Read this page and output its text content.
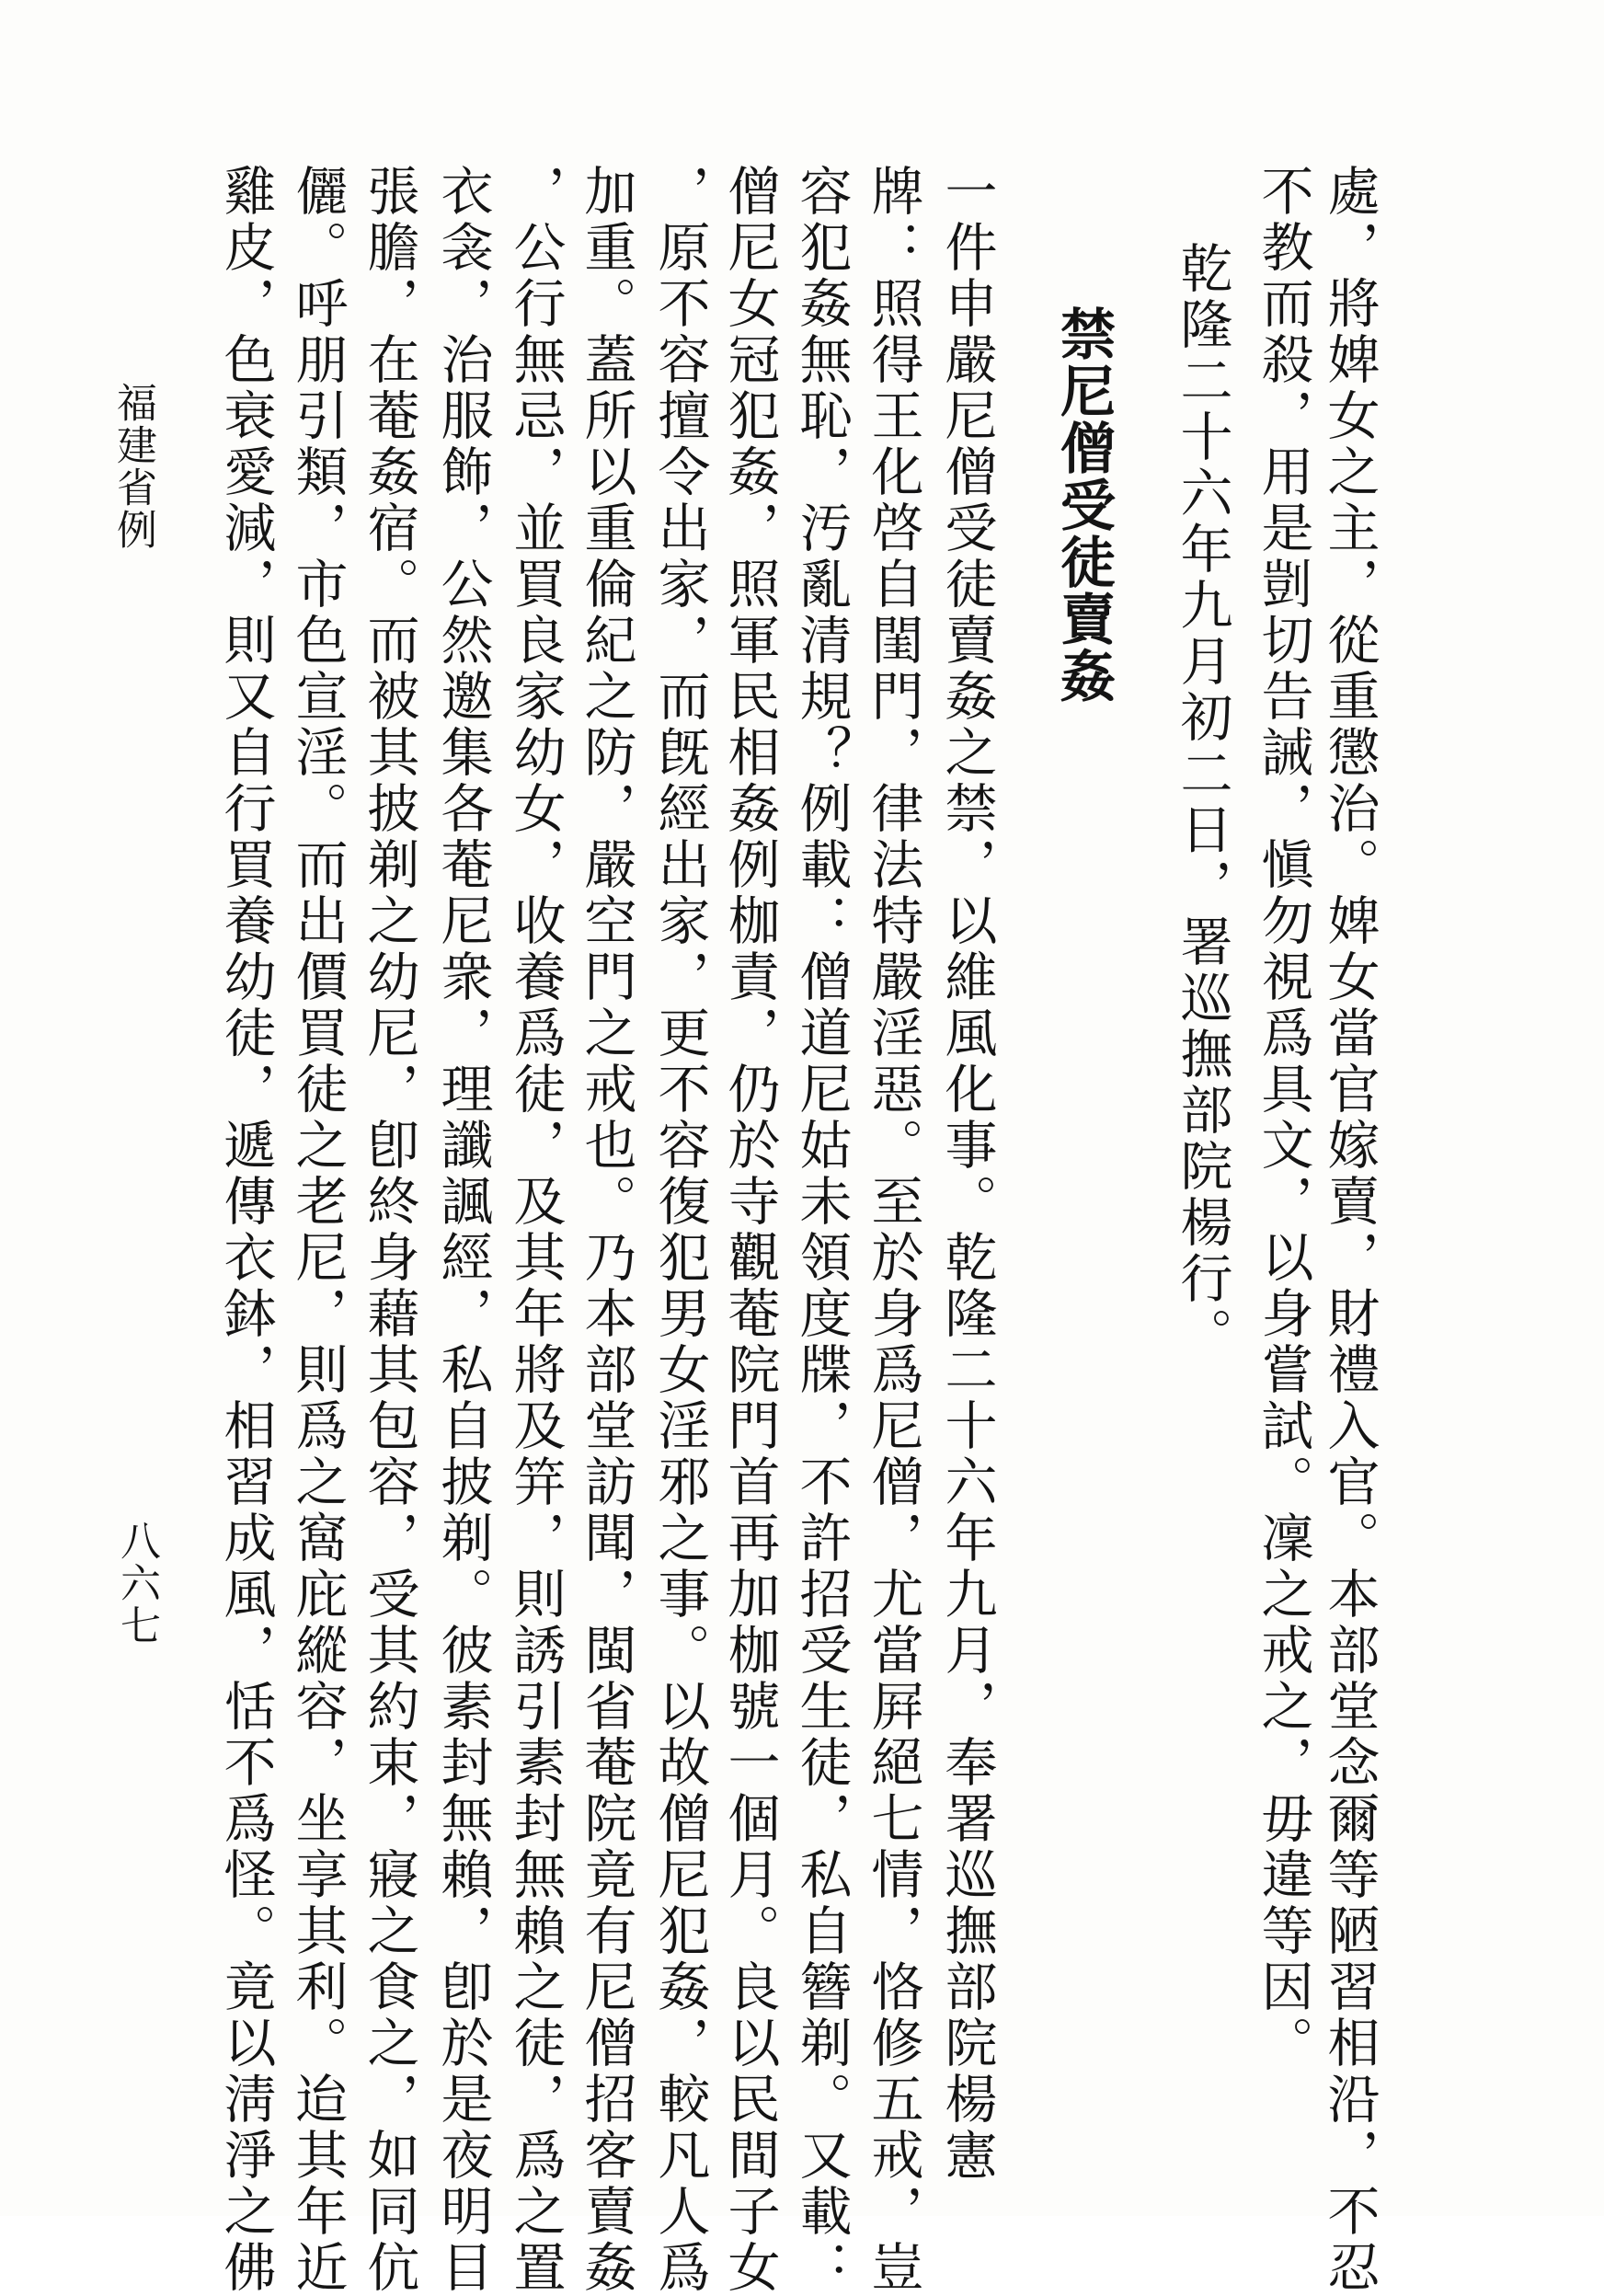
處，將婢女之主，從重懲治。婢女當官嫁賣，財禮入官。本部堂念爾等陋習相沿，不忍

不教而殺，用是剴切告誡，愼勿視爲具文，以身嘗試。凜之戒之，毋違等因。

乾隆二十六年九月初二日，署巡撫部院楊行。

禁尼僧受徒賣姦

一件申嚴尼僧受徒賣姦之禁，以維風化事。乾隆二十六年九月，奉署巡撫部院楊憲

牌：照得王化啓自閨門，律法特嚴淫惡。至於身爲尼僧，尤當屛絕七情，恪修五戒，豈

容犯姦無恥，汚亂清規？例載：僧道尼姑未領度牒，不許招受生徒，私自簪剃。又載：

僧尼女冠犯姦，照軍民相姦例枷責，仍於寺觀菴院門首再加枷號一個月。良以民間子女

，原不容擅令出家，而旣經出家，更不容復犯男女淫邪之事。以故僧尼犯姦，較凡人爲

加重。蓋所以重倫紀之防，嚴空門之戒也。乃本部堂訪聞，閩省菴院竟有尼僧招客賣姦

，公行無忌，並買良家幼女，收養爲徒，及其年將及笄，則誘引素封無賴之徒，爲之置

衣衾，治服飾，公然邀集各菴尼衆，理讖諷經，私自披剃。彼素封無賴，卽於是夜明目

張膽，在菴姦宿。而被其披剃之幼尼，卽終身藉其包容，受其約束，寢之食之，如同伉

儷。呼朋引類，市色宣淫。而出價買徒之老尼，則爲之窩庇縱容，坐享其利。迨其年近

雞皮，色衰愛減，則又自行買養幼徒，遞傳衣鉢，相習成風，恬不爲怪。竟以淸淨之佛

福建省例
八六七
